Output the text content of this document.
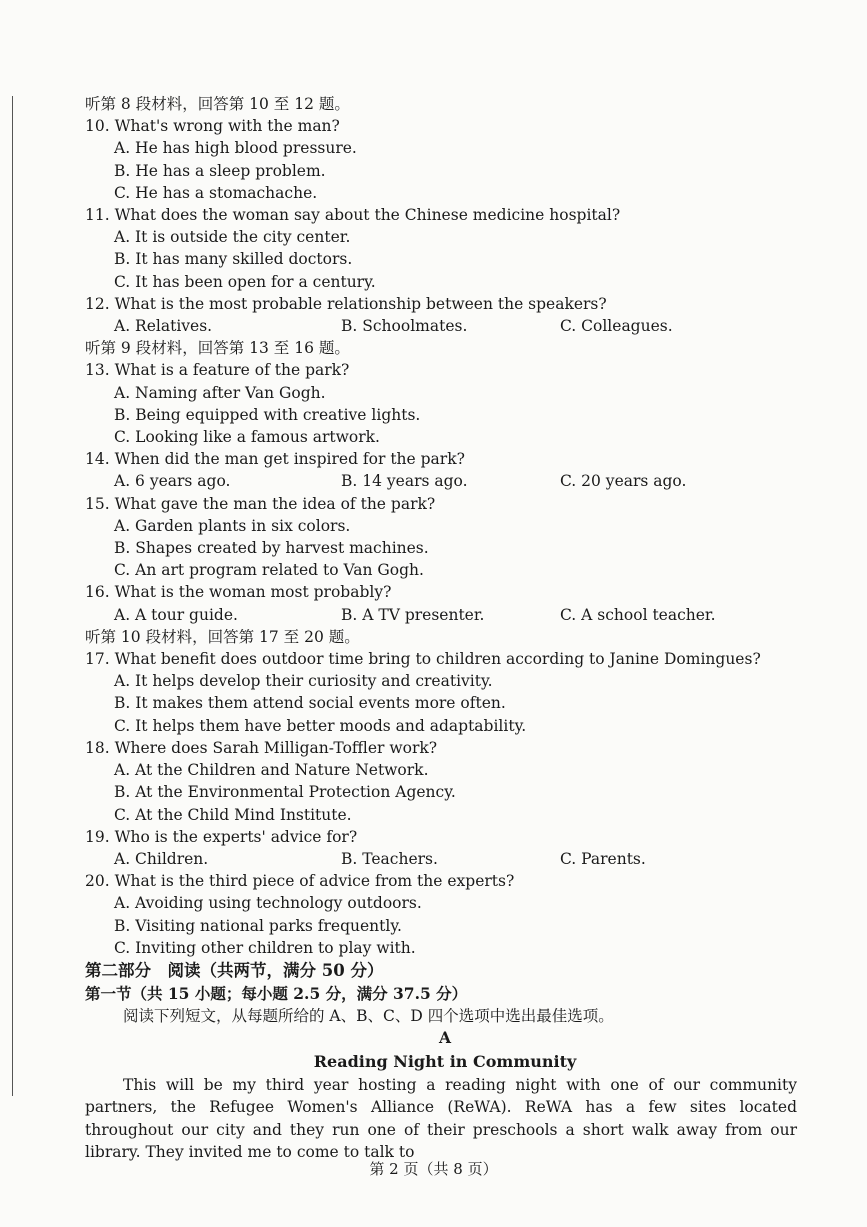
听第 8 段材料，回答第 10 至 12 题。
10. What's wrong with the man?
A. He has high blood pressure.
B. He has a sleep problem.
C. He has a stomachache.
11. What does the woman say about the Chinese medicine hospital?
A. It is outside the city center.
B. It has many skilled doctors.
C. It has been open for a century.
12. What is the most probable relationship between the speakers?
A. Relatives.	B. Schoolmates.	C. Colleagues.
听第 9 段材料，回答第 13 至 16 题。
13. What is a feature of the park?
A. Naming after Van Gogh.
B. Being equipped with creative lights.
C. Looking like a famous artwork.
14. When did the man get inspired for the park?
A. 6 years ago.	B. 14 years ago.	C. 20 years ago.
15. What gave the man the idea of the park?
A. Garden plants in six colors.
B. Shapes created by harvest machines.
C. An art program related to Van Gogh.
16. What is the woman most probably?
A. A tour guide.	B. A TV presenter.	C. A school teacher.
听第 10 段材料，回答第 17 至 20 题。
17. What benefit does outdoor time bring to children according to Janine Domingues?
A. It helps develop their curiosity and creativity.
B. It makes them attend social events more often.
C. It helps them have better moods and adaptability.
18. Where does Sarah Milligan-Toffler work?
A. At the Children and Nature Network.
B. At the Environmental Protection Agency.
C. At the Child Mind Institute.
19. Who is the experts' advice for?
A. Children.	B. Teachers.	C. Parents.
20. What is the third piece of advice from the experts?
A. Avoiding using technology outdoors.
B. Visiting national parks frequently.
C. Inviting other children to play with.
第二部分　阅读（共两节，满分 50 分）
第一节（共 15 小题；每小题 2.5 分，满分 37.5 分）
阅读下列短文，从每题所给的 A、B、C、D 四个选项中选出最佳选项。
A
Reading Night in Community
This will be my third year hosting a reading night with one of our community partners, the Refugee Women's Alliance (ReWA). ReWA has a few sites located throughout our city and they run one of their preschools a short walk away from our library. They invited me to come to talk to
第 2 页（共 8 页）
